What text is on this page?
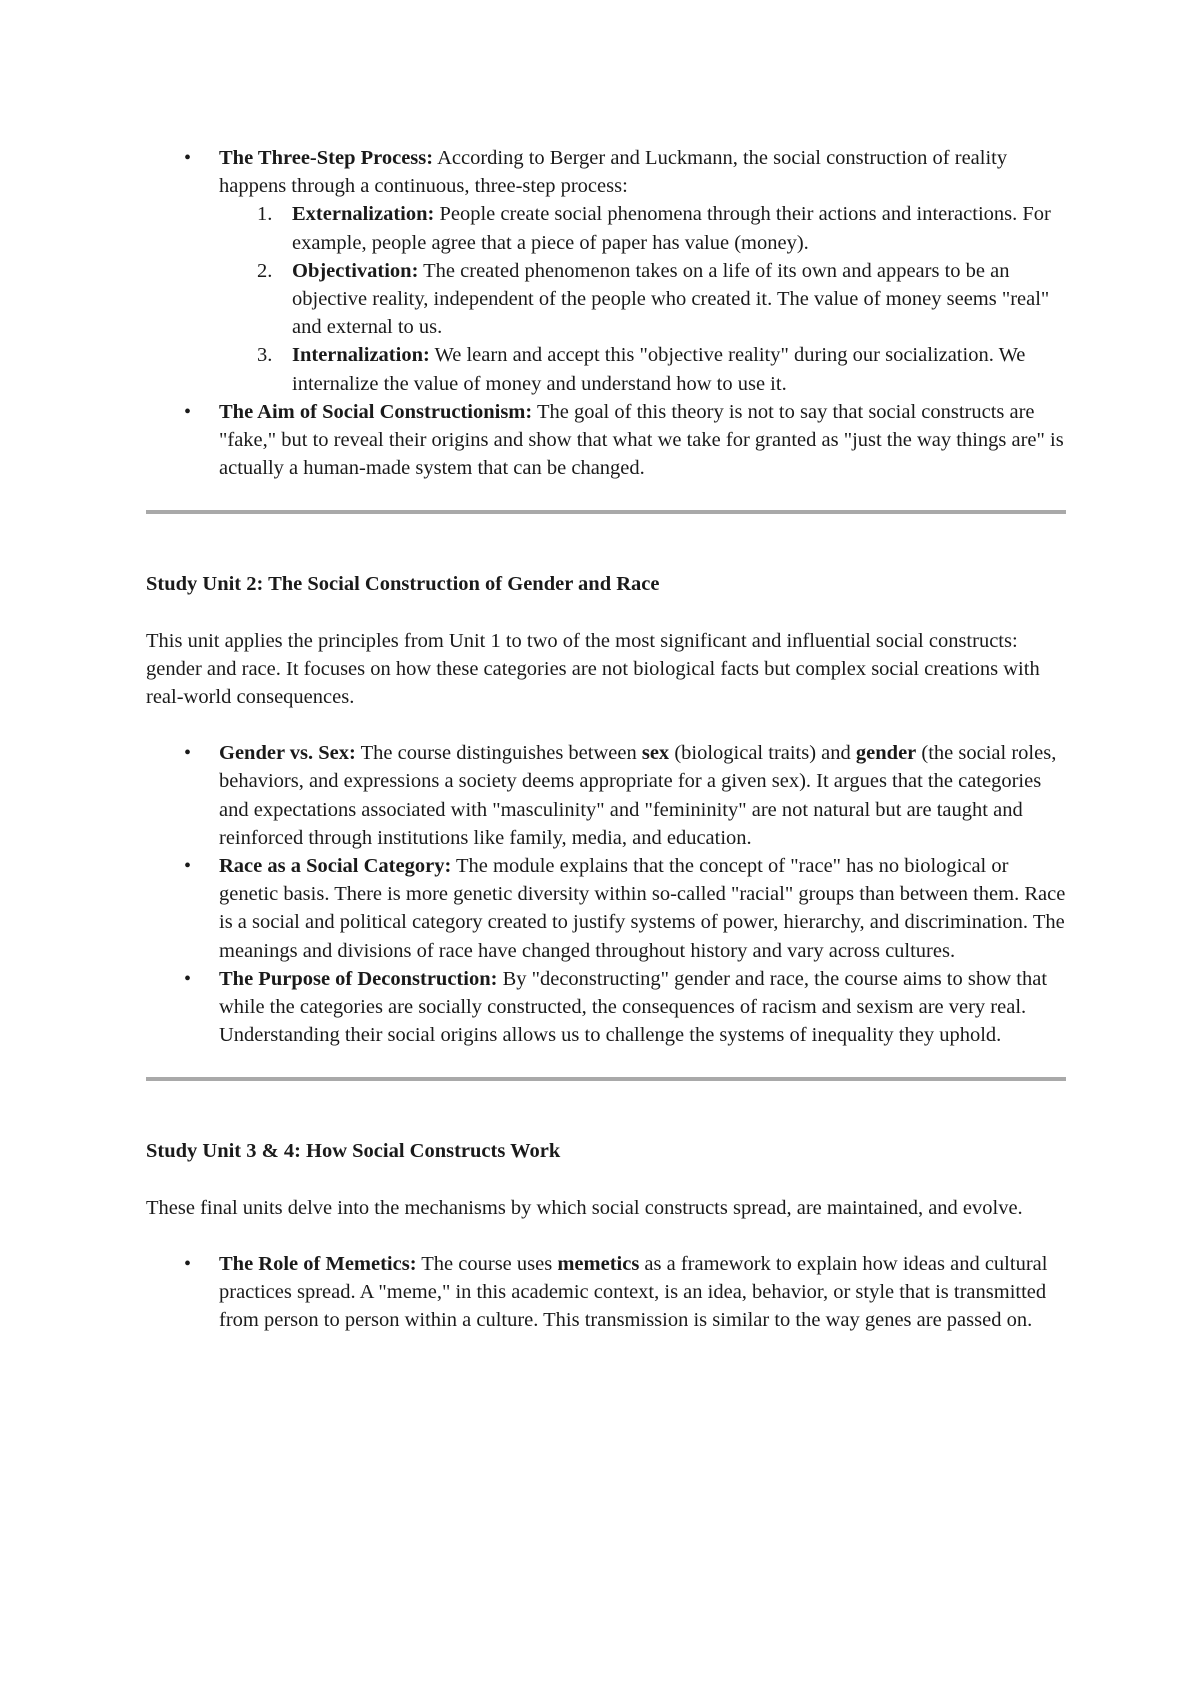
• The Three-Step Process: According to Berger and Luckmann, the social construction of reality happens through a continuous, three-step process:
1. Externalization: People create social phenomena through their actions and interactions. For example, people agree that a piece of paper has value (money).
2. Objectivation: The created phenomenon takes on a life of its own and appears to be an objective reality, independent of the people who created it. The value of money seems "real" and external to us.
3. Internalization: We learn and accept this "objective reality" during our socialization. We internalize the value of money and understand how to use it.
• The Aim of Social Constructionism: The goal of this theory is not to say that social constructs are "fake," but to reveal their origins and show that what we take for granted as "just the way things are" is actually a human-made system that can be changed.
Study Unit 2: The Social Construction of Gender and Race

This unit applies the principles from Unit 1 to two of the most significant and influential social constructs: gender and race. It focuses on how these categories are not biological facts but complex social creations with real-world consequences.

• Gender vs. Sex: The course distinguishes between sex (biological traits) and gender (the social roles, behaviors, and expressions a society deems appropriate for a given sex). It argues that the categories and expectations associated with "masculinity" and "femininity" are not natural but are taught and reinforced through institutions like family, media, and education.
• Race as a Social Category: The module explains that the concept of "race" has no biological or genetic basis. There is more genetic diversity within so-called "racial" groups than between them. Race is a social and political category created to justify systems of power, hierarchy, and discrimination. The meanings and divisions of race have changed throughout history and vary across cultures.
• The Purpose of Deconstruction: By "deconstructing" gender and race, the course aims to show that while the categories are socially constructed, the consequences of racism and sexism are very real. Understanding their social origins allows us to challenge the systems of inequality they uphold.
Study Unit 3 & 4: How Social Constructs Work

These final units delve into the mechanisms by which social constructs spread, are maintained, and evolve.

• The Role of Memetics: The course uses memetics as a framework to explain how ideas and cultural practices spread. A "meme," in this academic context, is an idea, behavior, or style that is transmitted from person to person within a culture. This transmission is similar to the way genes are passed on.
